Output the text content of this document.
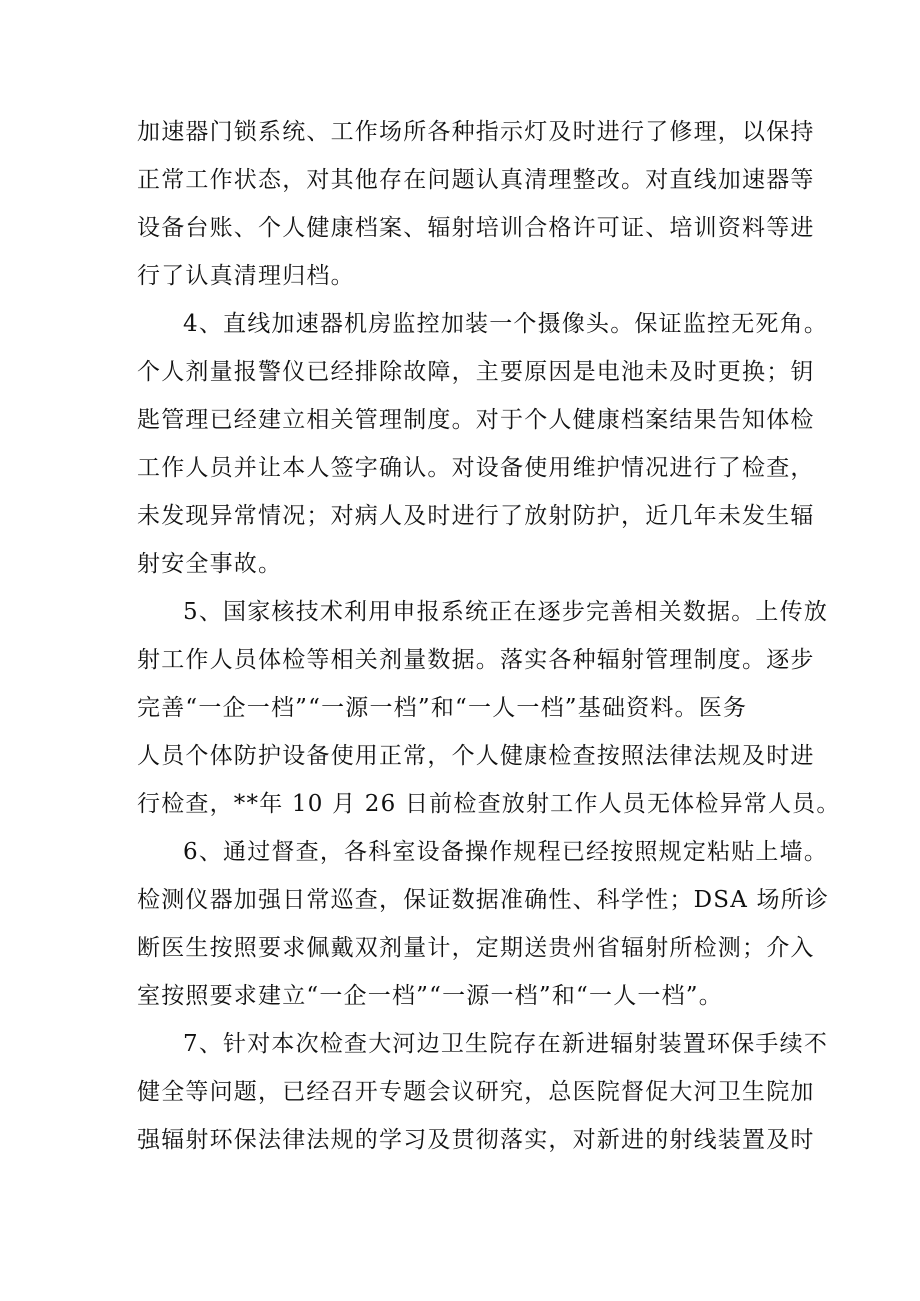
加速器门锁系统、工作场所各种指示灯及时进行了修理，以保持
正常工作状态，对其他存在问题认真清理整改。对直线加速器等
设备台账、个人健康档案、辐射培训合格许可证、培训资料等进
行了认真清理归档。
4、直线加速器机房监控加装一个摄像头。保证监控无死角。
个人剂量报警仪已经排除故障，主要原因是电池未及时更换；钥
匙管理已经建立相关管理制度。对于个人健康档案结果告知体检
工作人员并让本人签字确认。对设备使用维护情况进行了检查，
未发现异常情况；对病人及时进行了放射防护，近几年未发生辐
射安全事故。
5、国家核技术利用申报系统正在逐步完善相关数据。上传放
射工作人员体检等相关剂量数据。落实各种辐射管理制度。逐步
完善“一企一档”“一源一档”和“一人一档”基础资料。医务
人员个体防护设备使用正常，个人健康检查按照法律法规及时进
行检查，**年 10 月 26 日前检查放射工作人员无体检异常人员。
6、通过督查，各科室设备操作规程已经按照规定粘贴上墙。
检测仪器加强日常巡查，保证数据准确性、科学性；DSA 场所诊
断医生按照要求佩戴双剂量计，定期送贵州省辐射所检测；介入
室按照要求建立“一企一档”“一源一档”和“一人一档”。
7、针对本次检查大河边卫生院存在新进辐射装置环保手续不
健全等问题，已经召开专题会议研究，总医院督促大河卫生院加
强辐射环保法律法规的学习及贯彻落实，对新进的射线装置及时
